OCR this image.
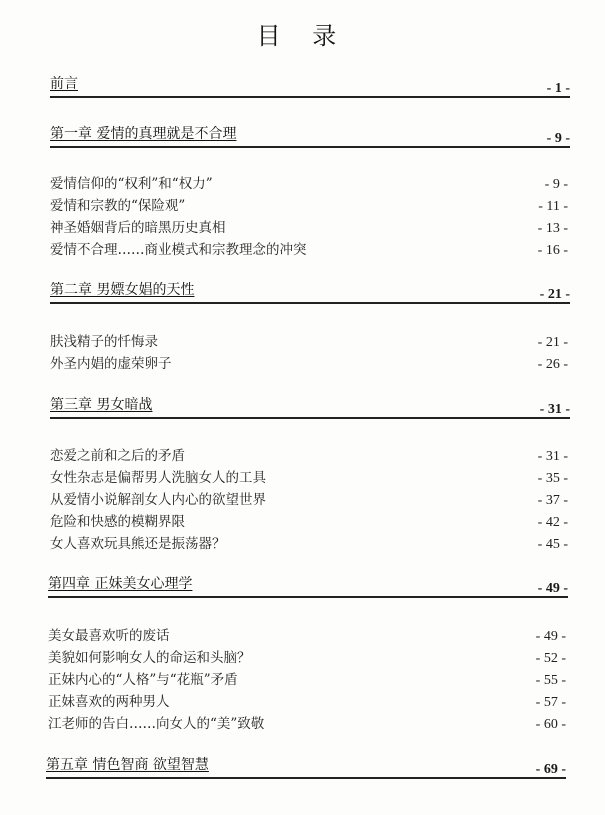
目 录
前言	- 1 -
第一章 爱情的真理就是不合理	- 9 -
爱情信仰的“权利”和“权力”	- 9 -
爱情和宗教的“保险观”	- 11 -
神圣婚姻背后的暗黑历史真相	- 13 -
爱情不合理……商业模式和宗教理念的冲突	- 16 -
第二章 男嫖女娼的天性	- 21 -
肤浅精子的忏悔录	- 21 -
外圣内娼的虚荣卵子	- 26 -
第三章 男女暗战	- 31 -
恋爱之前和之后的矛盾	- 31 -
女性杂志是偏帮男人洗脑女人的工具	- 35 -
从爱情小说解剖女人内心的欲望世界	- 37 -
危险和快感的模糊界限	- 42 -
女人喜欢玩具熊还是振荡器？	- 45 -
第四章 正妹美女心理学	- 49 -
美女最喜欢听的废话	- 49 -
美貌如何影响女人的命运和头脑？	- 52 -
正妹内心的“人格”与“花瓶”矛盾	- 55 -
正妹喜欢的两种男人	- 57 -
江老师的告白……向女人的“美”致敬	- 60 -
第五章 情色智商 欲望智慧	- 69 -
